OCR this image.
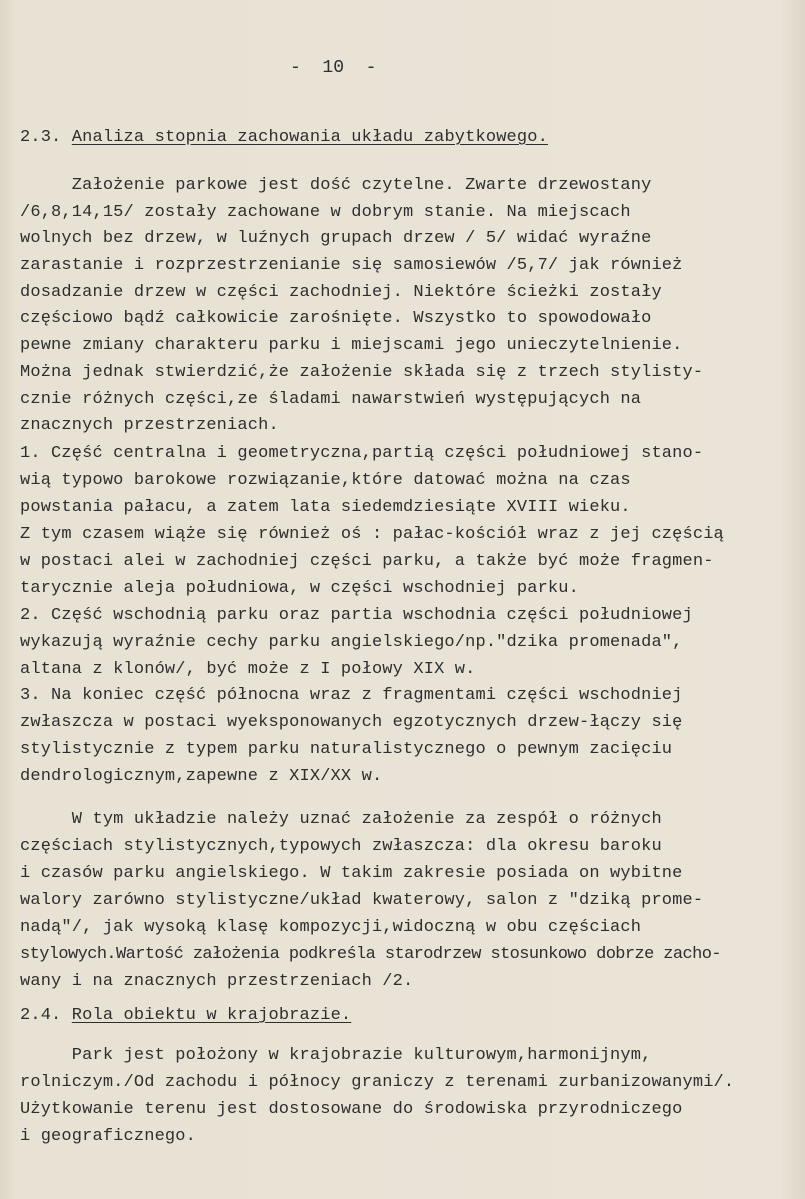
-  10  -
2.3. Analiza stopnia zachowania układu zabytkowego.
Założenie parkowe jest dość czytelne. Zwarte drzewostany
/6,8,14,15/ zostały zachowane w dobrym stanie. Na miejscach
wolnych bez drzew, w luźnych grupach drzew / 5/ widać wyraźne
zarastanie i rozprzestrzenianie się samosiewów /5,7/ jak również
dosadzanie drzew w części zachodniej. Niektóre ścieżki zostały
częściowo bądź całkowicie zarośnięte. Wszystko to spowodowało
pewne zmiany charakteru parku i miejscami jego unieczytelnienie.
Można jednak stwierdzić,że założenie składa się z trzech stylisty-
cznie różnych części,ze śladami nawarstwień występujących na
znacznych przestrzeniach.
1. Część centralna i geometryczna,partią części południowej stano-
wią typowo barokowe rozwiązanie,które datować można na czas
powstania pałacu, a zatem lata siedemdziesiąte XVIII wieku.
Z tym czasem wiąże się również oś : pałac-kościół wraz z jej częścią
w postaci alei w zachodniej części parku, a także być może fragmen-
tarycznie aleja południowa, w części wschodniej parku.
2. Część wschodnią parku oraz partia wschodnia części południowej
wykazują wyraźnie cechy parku angielskiego/np."dzika promenada",
altana z klonów/, być może z I połowy XIX w.
3. Na koniec część północna wraz z fragmentami części wschodniej
zwłaszcza w postaci wyeksponowanych egzotycznych drzew-łączy się
stylistycznie z typem parku naturalistycznego o pewnym zacięciu
dendrologicznym,zapewne z XIX/XX w.
W tym układzie należy uznać założenie za zespół o różnych
częściach stylistycznych,typowych zwłaszcza: dla okresu baroku
i czasów parku angielskiego. W takim zakresie posiada on wybitne
walory zarówno stylistyczne/układ kwaterowy, salon z "dziką prome-
nadą"/, jak wysoką klasę kompozycji,widoczną w obu częściach
stylowych.Wartość założenia podkreśla starodrzew stosunkowo dobrze zacho-
wany i na znacznych przestrzeniach /2.
2.4. Rola obiektu w krajobrazie.
Park jest położony w krajobrazie kulturowym,harmonijnym,
rolniczym./Od zachodu i północy graniczy z terenami zurbanizowanymi/.
Użytkowanie terenu jest dostosowane do środowiska przyrodniczego
i geograficznego.
